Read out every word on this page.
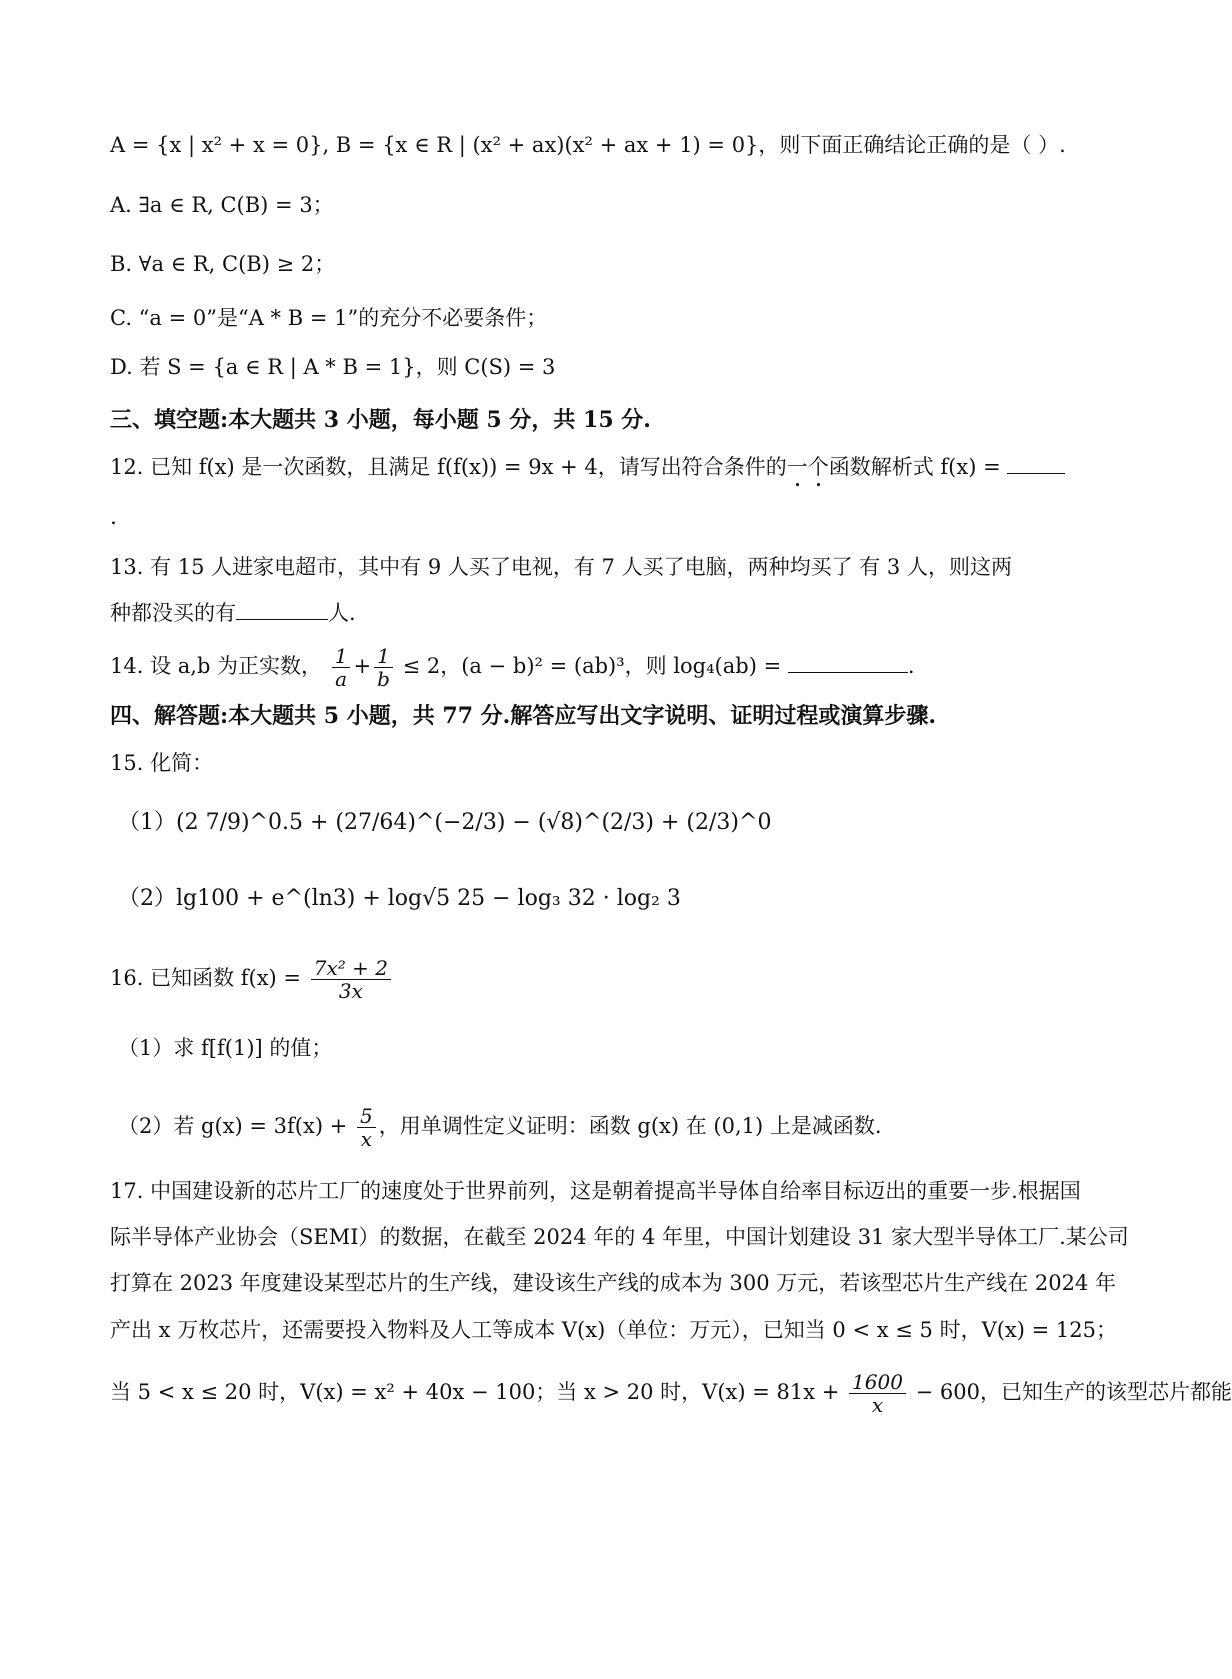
A = {x | x² + x = 0}, B = {x ∈ R | (x² + ax)(x² + ax + 1) = 0}，则下面正确结论正确的是（ ）.
A. ∃a ∈ R, C(B) = 3；
B. ∀a ∈ R, C(B) ≥ 2；
C. “a = 0”是“A * B = 1”的充分不必要条件；
D. 若 S = {a ∈ R | A * B = 1}，则 C(S) = 3
三、填空题:本大题共 3 小题，每小题 5 分，共 15 分.
12. 已知 f(x) 是一次函数，且满足 f(f(x)) = 9x + 4，请写出符合条件的一个函数解析式 f(x) =
.
13. 有 15 人进家电超市，其中有 9 人买了电视，有 7 人买了电脑，两种均买了 有 3 人，则这两
种都没买的有	人.
14. 设 a,b 为正实数， $\frac{1}{a} + \frac{1}{b} \le 2$，(a − b)² = (ab)³，则 log₄(ab) =	.
四、解答题:本大题共 5 小题，共 77 分.解答应写出文字说明、证明过程或演算步骤.
15. 化简：
（1）(2 7/9)^0.5 + (27/64)^(−2/3) − (√8)^(2/3) + (2/3)^0
（2）lg100 + e^(ln3) + log√5 25 − log₃ 32 · log₂ 3
16. 已知函数 $f(x) = \frac{\text{7x² + 2}}{3x}$
（1）求 f[f(1)] 的值；
（2）若 $g(x) = 3f(x) + \frac{5}{x}$ ，用单调性定义证明：函数 g(x) 在 (0,1) 上是减函数.
17. 中国建设新的芯片工厂的速度处于世界前列，这是朝着提高半导体自给率目标迈出的重要一步.根据国
际半导体产业协会（SEMI）的数据，在截至 2024 年的 4 年里，中国计划建设 31 家大型半导体工厂.某公司
打算在 2023 年度建设某型芯片的生产线，建设该生产线的成本为 300 万元，若该型芯片生产线在 2024 年
产出 x 万枚芯片，还需要投入物料及人工等成本 V(x)（单位：万元），已知当 0 < x ≤ 5 时，V(x) = 125；
当 5 < x ≤ 20 时，V(x) = x² + 40x − 100；当 x > 20 时，$V(x) = 81x + \frac{1600}{x} - 600$，已知生产的该型芯片都能
